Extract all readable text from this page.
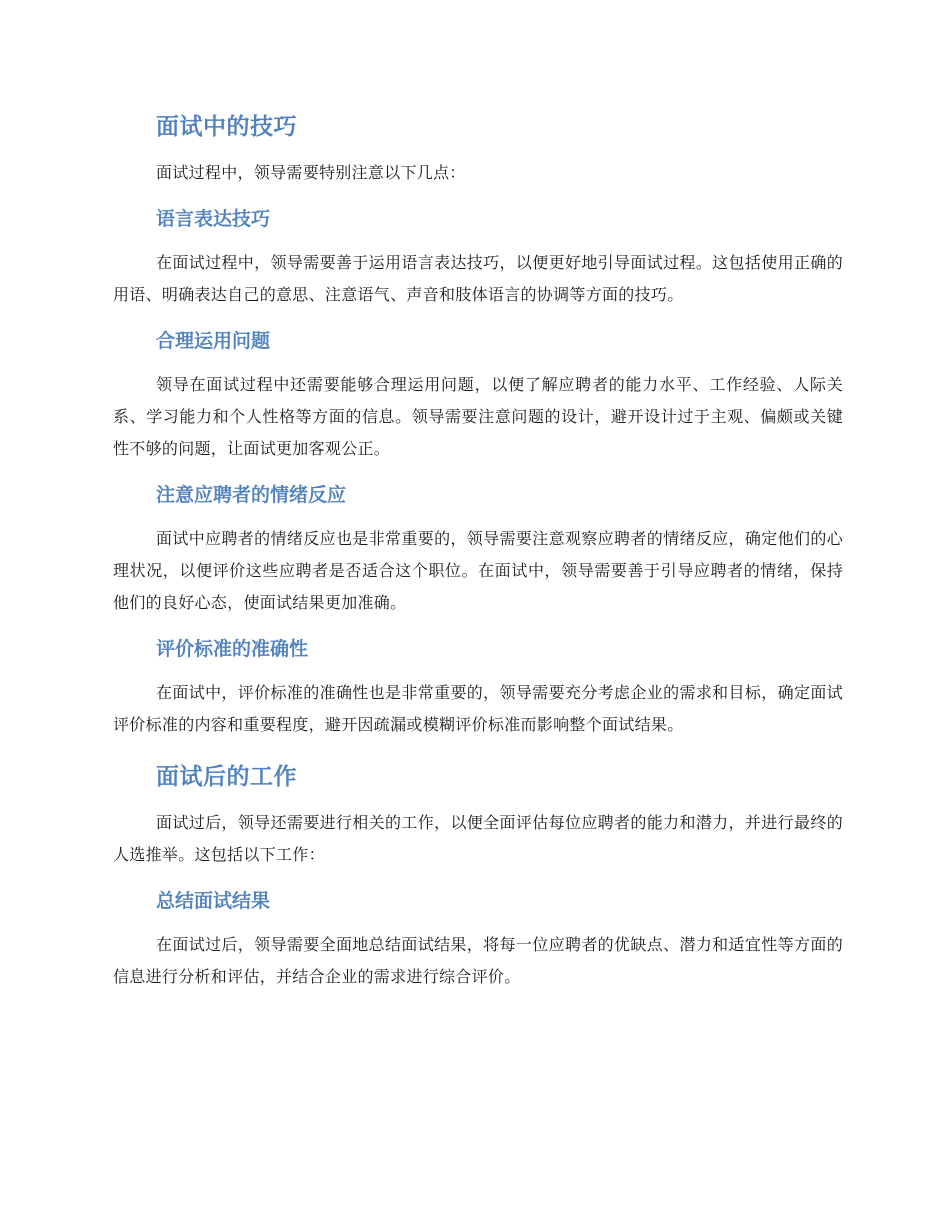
面试中的技巧

面试过程中，领导需要特别注意以下几点：

语言表达技巧

在面试过程中，领导需要善于运用语言表达技巧，以便更好地引导面试过程。这包括使用正确的用语、明确表达自己的意思、注意语气、声音和肢体语言的协调等方面的技巧。

合理运用问题

领导在面试过程中还需要能够合理运用问题，以便了解应聘者的能力水平、工作经验、人际关系、学习能力和个人性格等方面的信息。领导需要注意问题的设计，避开设计过于主观、偏颇或关键性不够的问题，让面试更加客观公正。

注意应聘者的情绪反应

面试中应聘者的情绪反应也是非常重要的，领导需要注意观察应聘者的情绪反应，确定他们的心理状况，以便评价这些应聘者是否适合这个职位。在面试中，领导需要善于引导应聘者的情绪，保持他们的良好心态，使面试结果更加准确。

评价标准的准确性

在面试中，评价标准的准确性也是非常重要的，领导需要充分考虑企业的需求和目标，确定面试评价标准的内容和重要程度，避开因疏漏或模糊评价标准而影响整个面试结果。

面试后的工作

面试过后，领导还需要进行相关的工作，以便全面评估每位应聘者的能力和潜力，并进行最终的人选推举。这包括以下工作：

总结面试结果

在面试过后，领导需要全面地总结面试结果，将每一位应聘者的优缺点、潜力和适宜性等方面的信息进行分析和评估，并结合企业的需求进行综合评价。
